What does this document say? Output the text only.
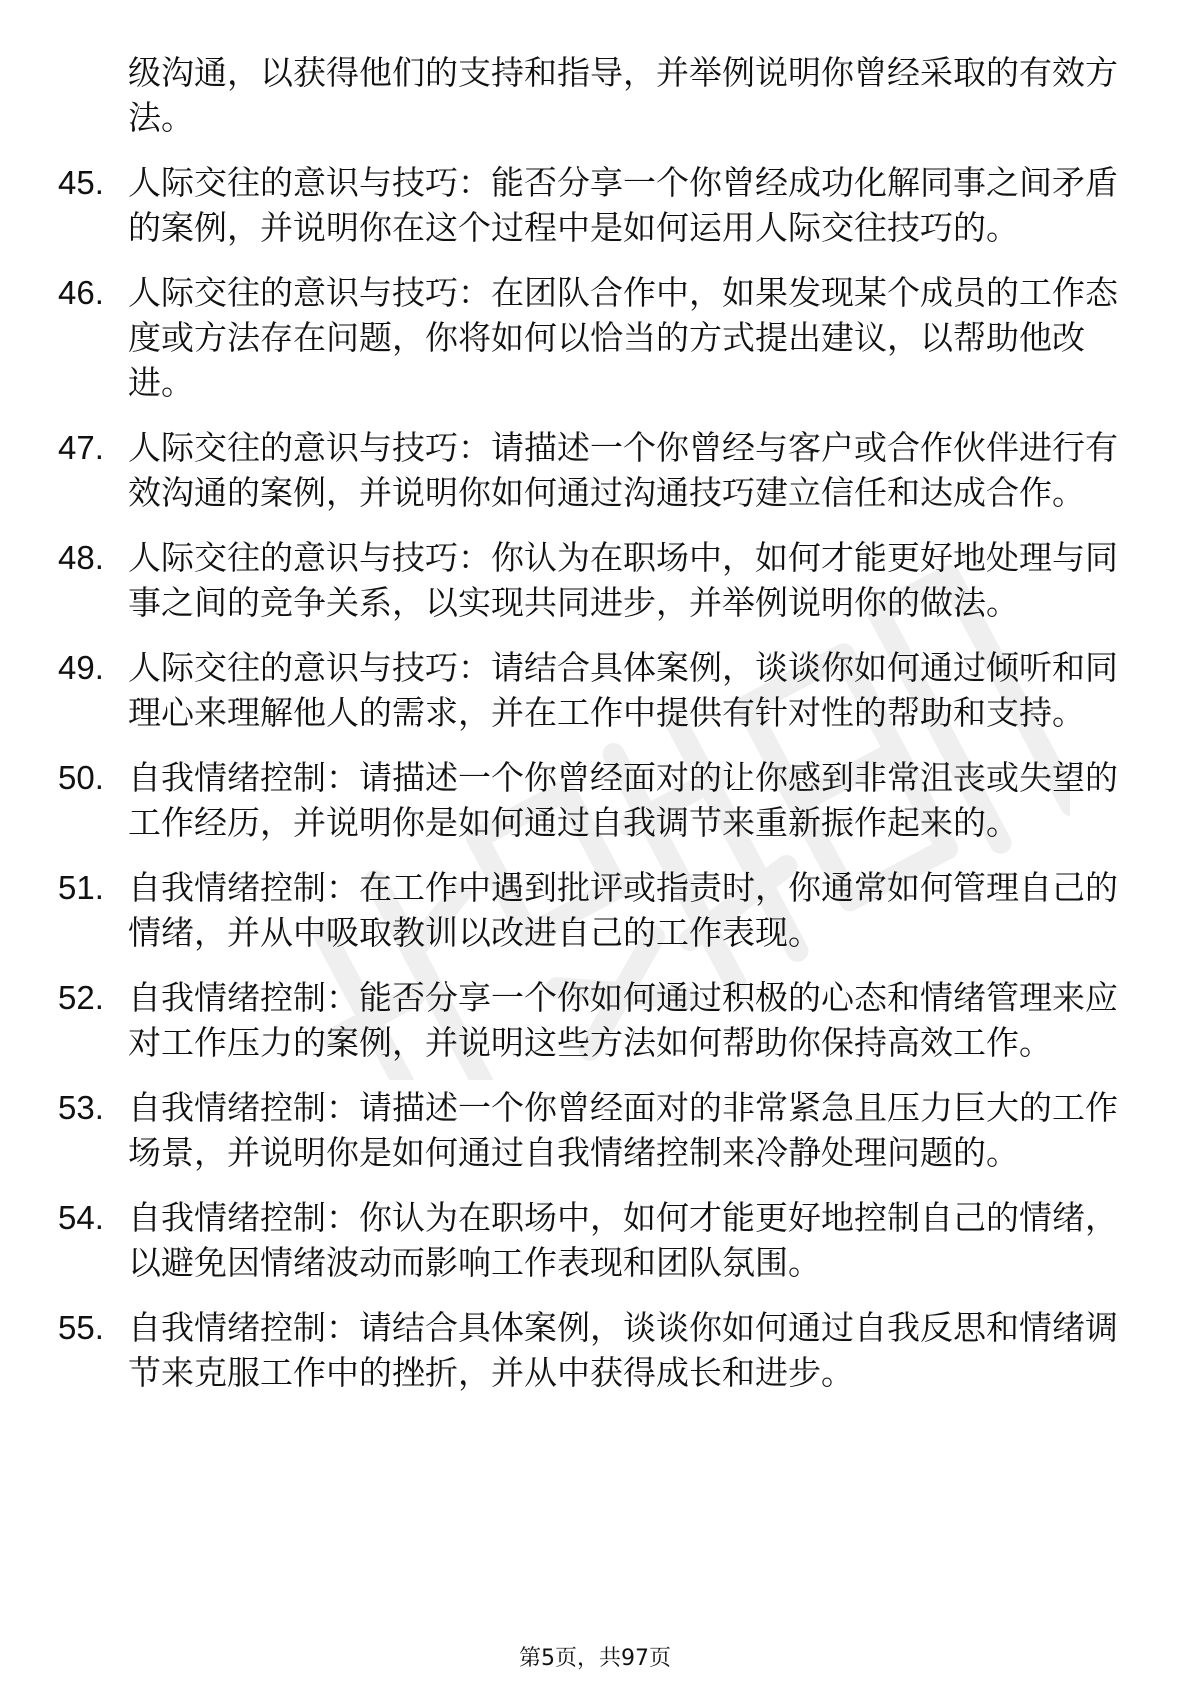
级沟通，以获得他们的支持和指导，并举例说明你曾经采取的有效方法。

45. 人际交往的意识与技巧：能否分享一个你曾经成功化解同事之间矛盾的案例，并说明你在这个过程中是如何运用人际交往技巧的。
46. 人际交往的意识与技巧：在团队合作中，如果发现某个成员的工作态度或方法存在问题，你将如何以恰当的方式提出建议，以帮助他改进。
47. 人际交往的意识与技巧：请描述一个你曾经与客户或合作伙伴进行有效沟通的案例，并说明你如何通过沟通技巧建立信任和达成合作。
48. 人际交往的意识与技巧：你认为在职场中，如何才能更好地处理与同事之间的竞争关系，以实现共同进步，并举例说明你的做法。
49. 人际交往的意识与技巧：请结合具体案例，谈谈你如何通过倾听和同理心来理解他人的需求，并在工作中提供有针对性的帮助和支持。
50. 自我情绪控制：请描述一个你曾经面对的让你感到非常沮丧或失望的工作经历，并说明你是如何通过自我调节来重新振作起来的。
51. 自我情绪控制：在工作中遇到批评或指责时，你通常如何管理自己的情绪，并从中吸取教训以改进自己的工作表现。
52. 自我情绪控制：能否分享一个你如何通过积极的心态和情绪管理来应对工作压力的案例，并说明这些方法如何帮助你保持高效工作。
53. 自我情绪控制：请描述一个你曾经面对的非常紧急且压力巨大的工作场景，并说明你是如何通过自我情绪控制来冷静处理问题的。
54. 自我情绪控制：你认为在职场中，如何才能更好地控制自己的情绪，以避免因情绪波动而影响工作表现和团队氛围。
55. 自我情绪控制：请结合具体案例，谈谈你如何通过自我反思和情绪调节来克服工作中的挫折，并从中获得成长和进步。
第5页，共97页
